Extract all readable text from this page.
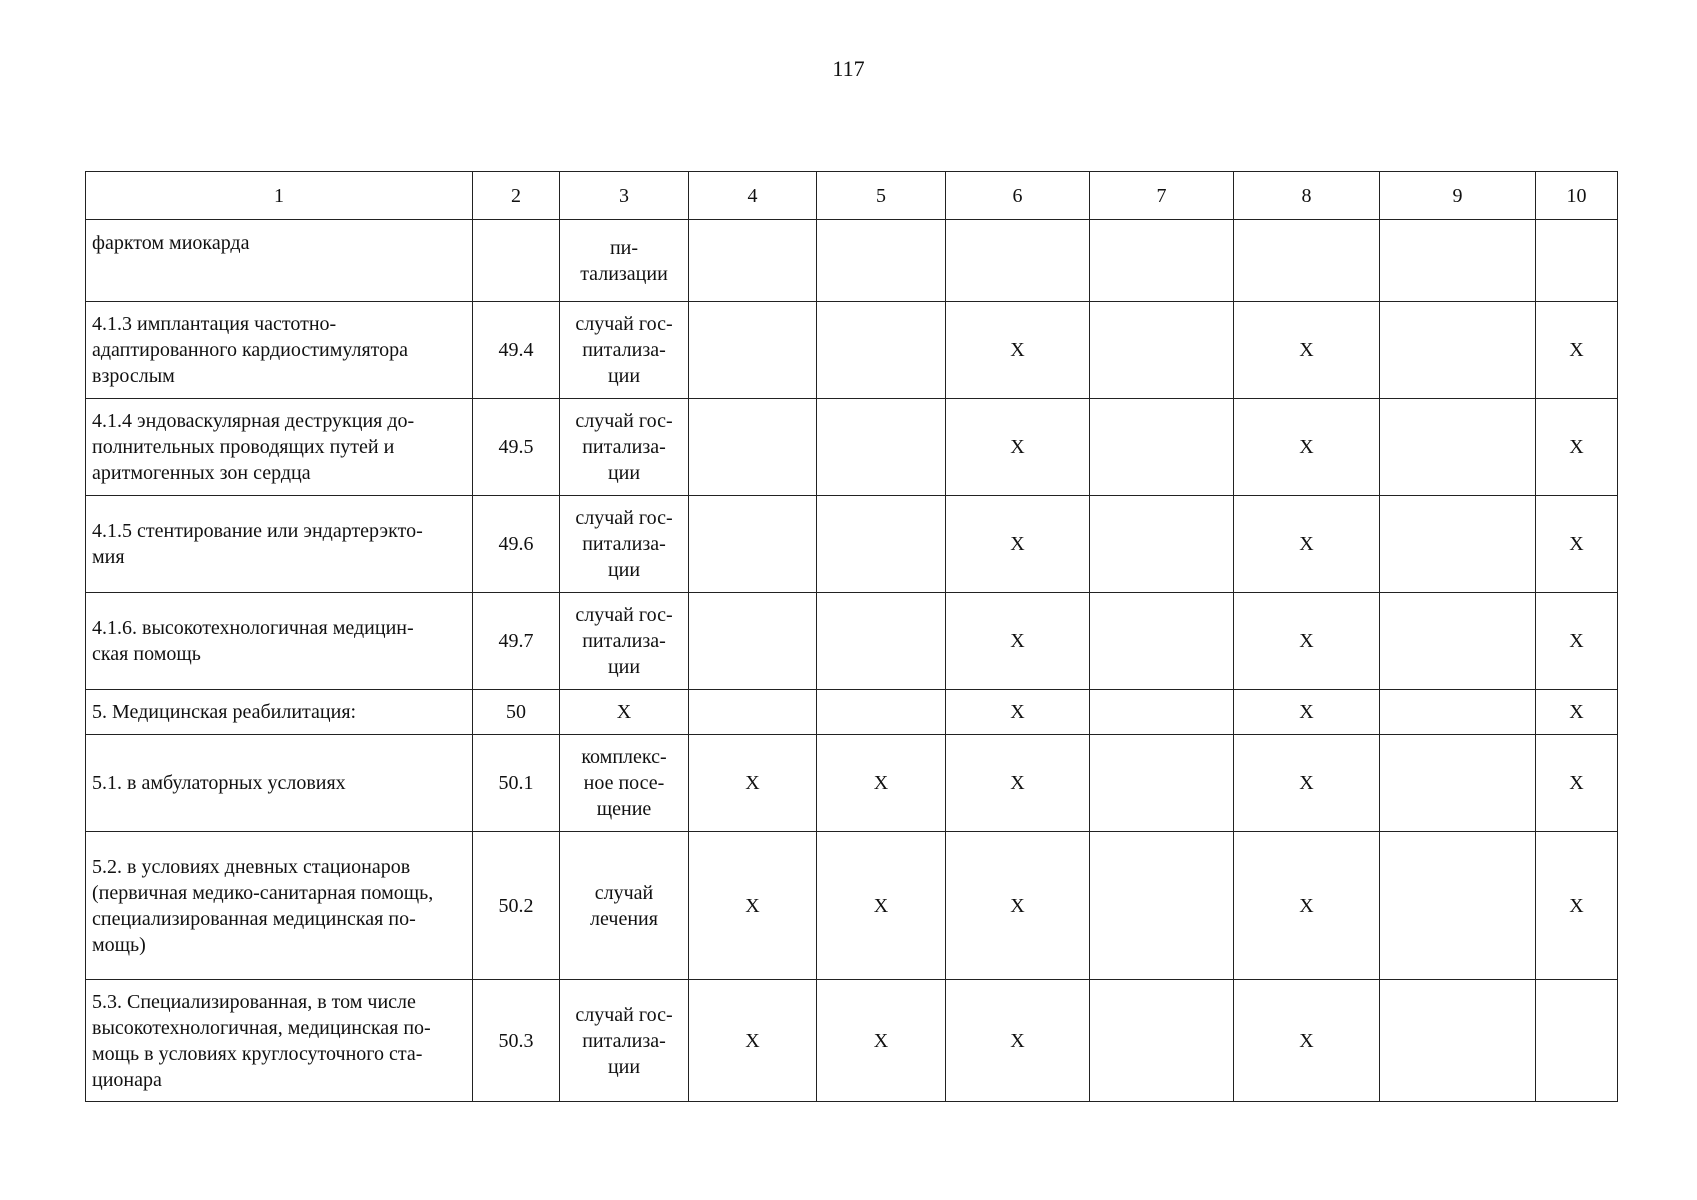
117
1	2	3	4	5	6	7	8	9	10
фарктом миокарда		пи-
тализации							
4.1.3 имплантация частотно-
адаптированного кардиостимулятора
взрослым	49.4	случай гос-
питализа-
ции			X		X		X
4.1.4 эндоваскулярная деструкция до-
полнительных проводящих путей и
аритмогенных зон сердца	49.5	случай гос-
питализа-
ции			X		X		X
4.1.5 стентирование или эндартерэкто-
мия	49.6	случай гос-
питализа-
ции			X		X		X
4.1.6. высокотехнологичная медицин-
ская помощь	49.7	случай гос-
питализа-
ции			X		X		X
5. Медицинская реабилитация:	50	X			X		X		X
5.1. в амбулаторных условиях	50.1	комплекс-
ное посе-
щение	X	X	X		X		X
5.2. в условиях дневных стационаров
(первичная медико-санитарная помощь,
специализированная медицинская по-
мощь)	50.2	случай
лечения	X	X	X		X		X
5.3. Специализированная, в том числе
высокотехнологичная, медицинская по-
мощь в условиях круглосуточного ста-
ционара	50.3	случай гос-
питализа-
ции	X	X	X		X		
